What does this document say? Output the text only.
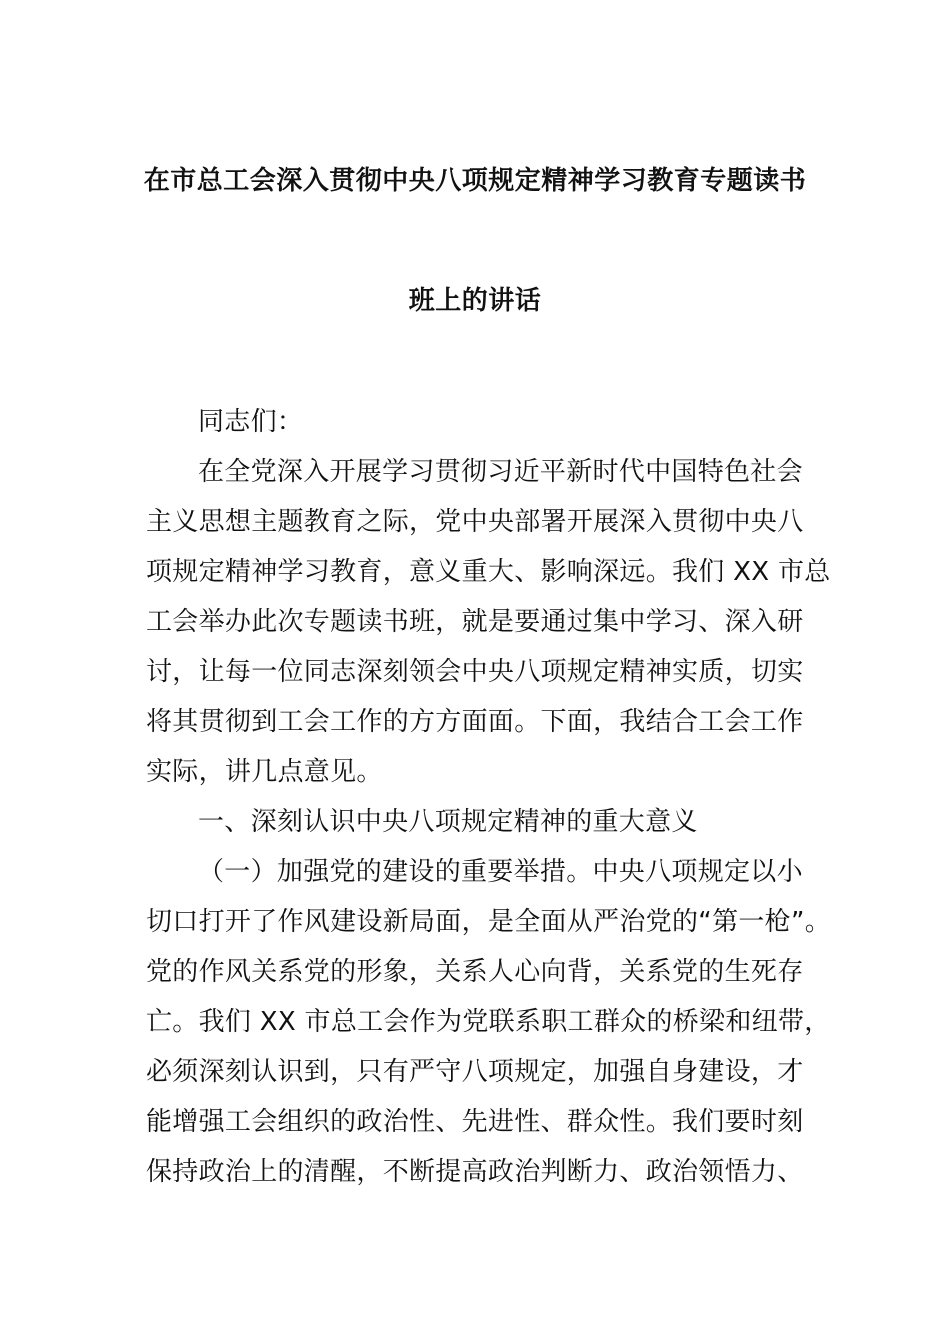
在市总工会深入贯彻中央八项规定精神学习教育专题读书
班上的讲话
同志们：
在全党深入开展学习贯彻习近平新时代中国特色社会
主义思想主题教育之际，党中央部署开展深入贯彻中央八
项规定精神学习教育，意义重大、影响深远。我们 XX 市总
工会举办此次专题读书班，就是要通过集中学习、深入研
讨，让每一位同志深刻领会中央八项规定精神实质，切实
将其贯彻到工会工作的方方面面。下面，我结合工会工作
实际，讲几点意见。
一、深刻认识中央八项规定精神的重大意义
（一）加强党的建设的重要举措。中央八项规定以小
切口打开了作风建设新局面，是全面从严治党的“第一枪”。
党的作风关系党的形象，关系人心向背，关系党的生死存
亡。我们 XX 市总工会作为党联系职工群众的桥梁和纽带，
必须深刻认识到，只有严守八项规定，加强自身建设，才
能增强工会组织的政治性、先进性、群众性。我们要时刻
保持政治上的清醒，不断提高政治判断力、政治领悟力、
